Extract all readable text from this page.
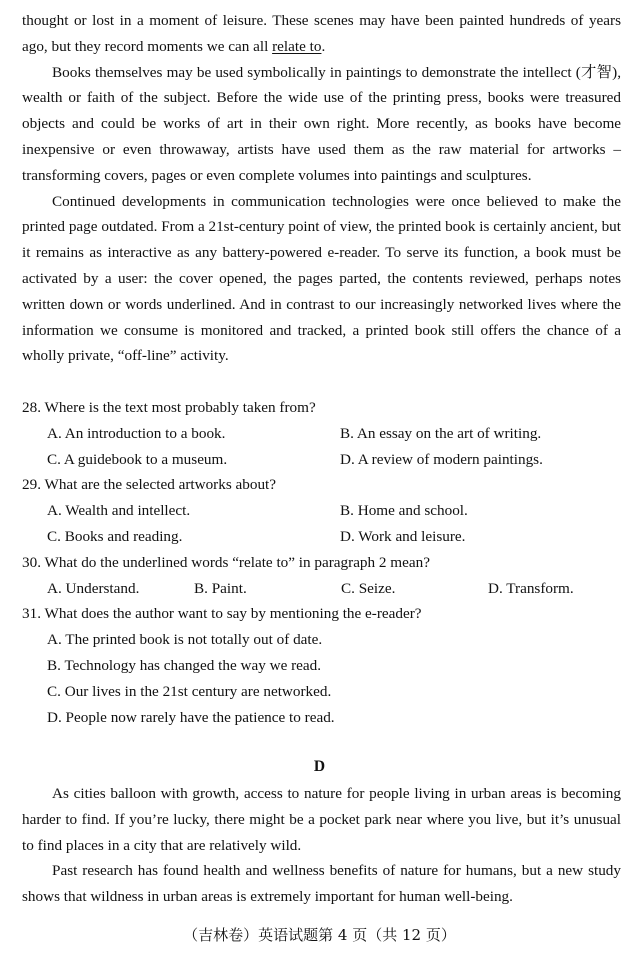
thought or lost in a moment of leisure. These scenes may have been painted hundreds of years ago, but they record moments we can all relate to.

Books themselves may be used symbolically in paintings to demonstrate the intellect (才智), wealth or faith of the subject. Before the wide use of the printing press, books were treasured objects and could be works of art in their own right. More recently, as books have become inexpensive or even throwaway, artists have used them as the raw material for artworks – transforming covers, pages or even complete volumes into paintings and sculptures.

Continued developments in communication technologies were once believed to make the printed page outdated. From a 21st-century point of view, the printed book is certainly ancient, but it remains as interactive as any battery-powered e-reader. To serve its function, a book must be activated by a user: the cover opened, the pages parted, the contents reviewed, perhaps notes written down or words underlined. And in contrast to our increasingly networked lives where the information we consume is monitored and tracked, a printed book still offers the chance of a wholly private, “off-line” activity.

28. Where is the text most probably taken from?

A. An introduction to a book.	B. An essay on the art of writing.
C. A guidebook to a museum.	D. A review of modern paintings.

29. What are the selected artworks about?

A. Wealth and intellect.	B. Home and school.
C. Books and reading.	D. Work and leisure.

30. What do the underlined words “relate to” in paragraph 2 mean?

A. Understand.	B. Paint.	C. Seize.	D. Transform.

31. What does the author want to say by mentioning the e-reader?

A. The printed book is not totally out of date.

B. Technology has changed the way we read.

C. Our lives in the 21st century are networked.

D. People now rarely have the patience to read.

D

As cities balloon with growth, access to nature for people living in urban areas is becoming harder to find. If you’re lucky, there might be a pocket park near where you live, but it’s unusual to find places in a city that are relatively wild.

Past research has found health and wellness benefits of nature for humans, but a new study shows that wildness in urban areas is extremely important for human well-being.

（吉林卷）英语试题第 4 页（共 12 页）
